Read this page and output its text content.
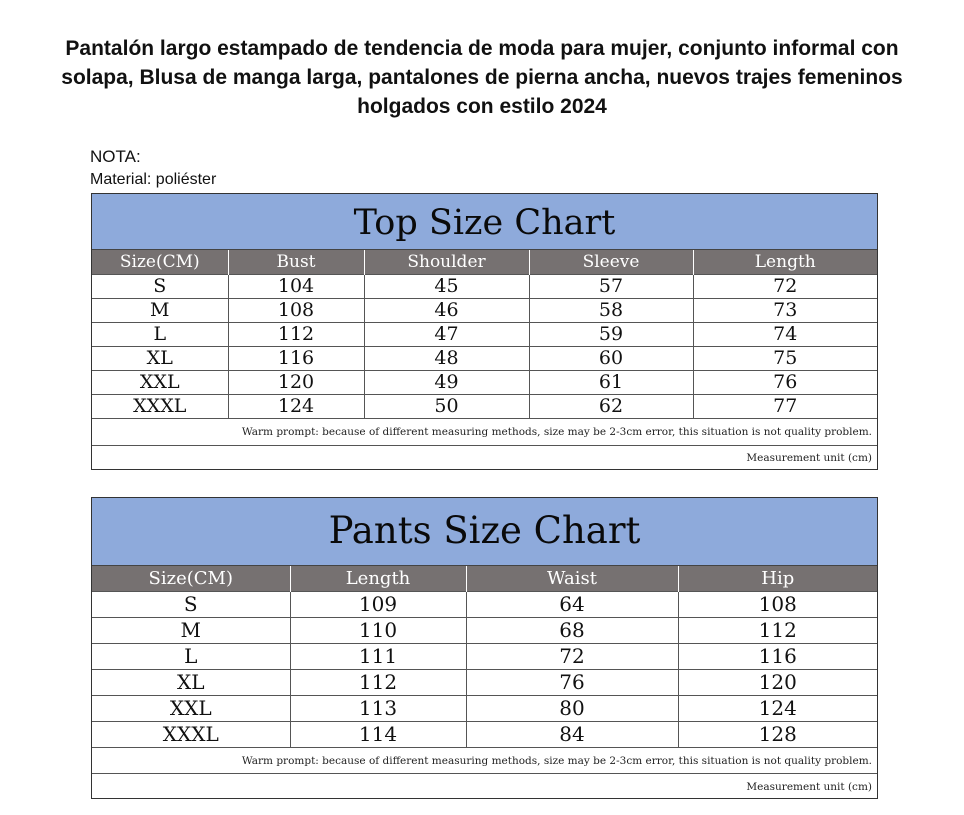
Pantalón largo estampado de tendencia de moda para mujer, conjunto informal con solapa, Blusa de manga larga, pantalones de pierna ancha, nuevos trajes femeninos holgados con estilo 2024
NOTA:
Material: poliéster
Top Size Chart
Size(CM)	Bust	Shoulder	Sleeve	Length
S	104	45	57	72
M	108	46	58	73
L	112	47	59	74
XL	116	48	60	75
XXL	120	49	61	76
XXXL	124	50	62	77
Warm prompt: because of different measuring methods, size may be 2-3cm error, this situation is not quality problem.
Measurement unit (cm)
Pants Size Chart
Size(CM)	Length	Waist	Hip
S	109	64	108
M	110	68	112
L	111	72	116
XL	112	76	120
XXL	113	80	124
XXXL	114	84	128
Warm prompt: because of different measuring methods, size may be 2-3cm error, this situation is not quality problem.
Measurement unit (cm)
